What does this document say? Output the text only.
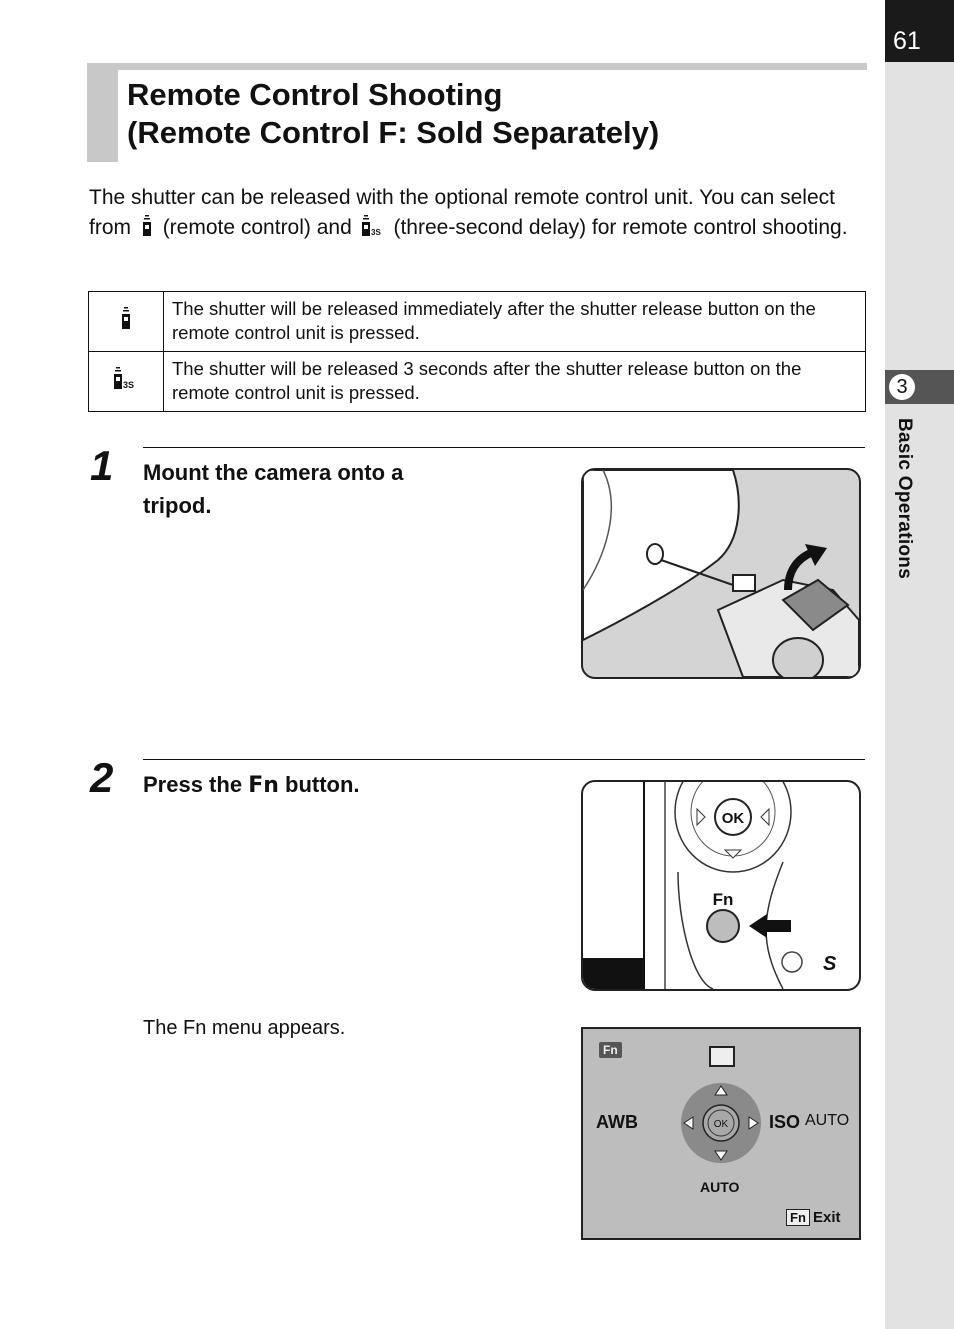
61
3
Basic Operations
Remote Control Shooting
(Remote Control F: Sold Separately)

The shutter can be released with the optional remote control unit. You can select from (remote control) and 3S (three-second delay) for remote control shooting.

	The shutter will be released immediately after the shutter release button on the remote control unit is pressed.

3S	The shutter will be released 3 seconds after the shutter release button on the remote control unit is pressed.
1 Mount the camera onto a
tripod.

2 Press the Fn button.

OK
Fn
S

The Fn menu appears.

Fn
AWB	ISO AUTO
OK
AUTO
Fn Exit
